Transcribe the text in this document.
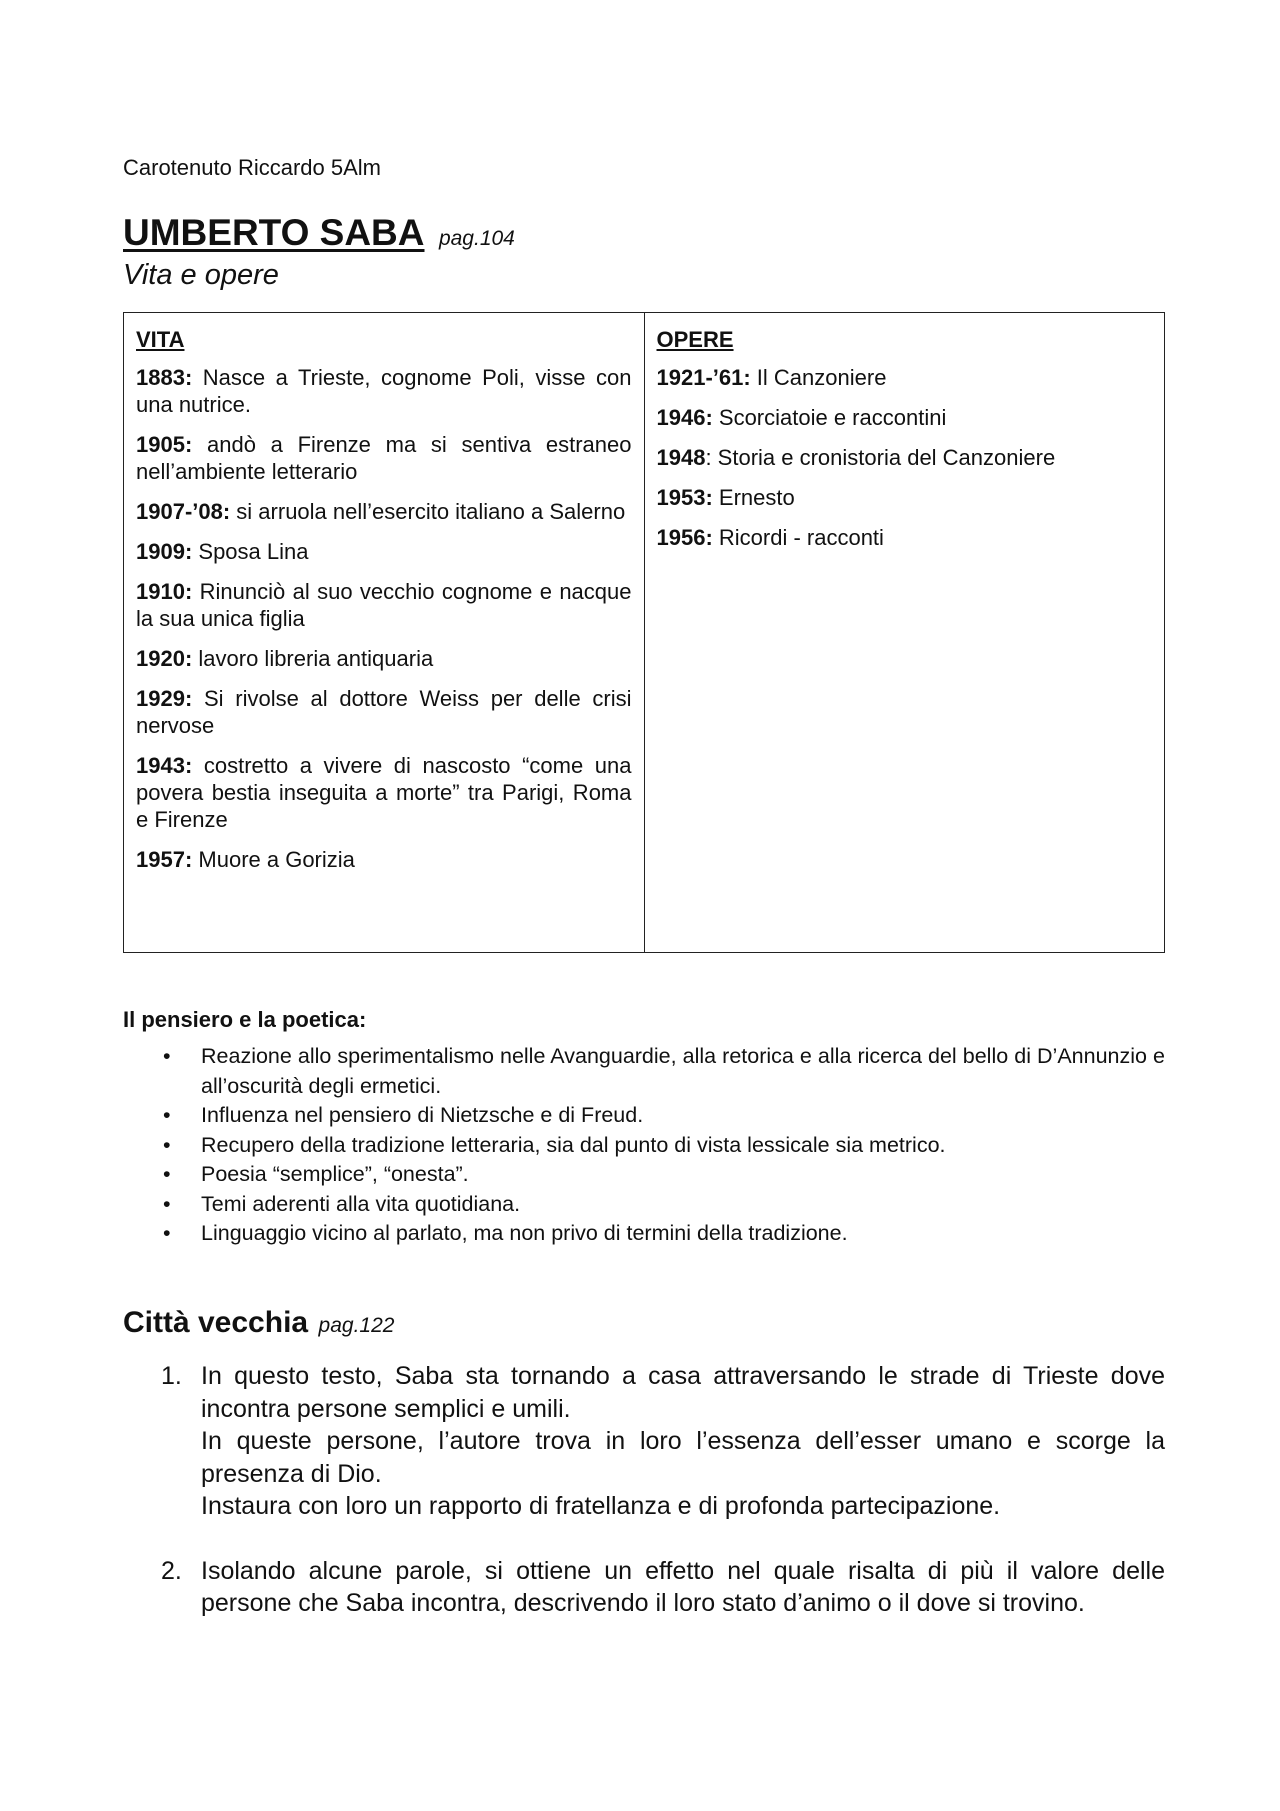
Carotenuto Riccardo 5Alm
UMBERTO SABA pag.104
Vita e opere
VITA

1883: Nasce a Trieste, cognome Poli, visse con una nutrice.

1905: andò a Firenze ma si sentiva estraneo nell’ambiente letterario

1907-’08: si arruola nell’esercito italiano a Salerno

1909: Sposa Lina

1910: Rinunciò al suo vecchio cognome e nacque la sua unica figlia

1920: lavoro libreria antiquaria

1929: Si rivolse al dottore Weiss per delle crisi nervose

1943: costretto a vivere di nascosto “come una povera bestia inseguita a morte” tra Parigi, Roma e Firenze

1957: Muore a Gorizia

OPERE

1921-’61: Il Canzoniere

1946: Scorciatoie e raccontini

1948: Storia e cronistoria del Canzoniere

1953: Ernesto

1956: Ricordi - racconti

Il pensiero e la poetica:
• Reazione allo sperimentalismo nelle Avanguardie, alla retorica e alla ricerca del bello di D’Annunzio e all’oscurità degli ermetici.
• Influenza nel pensiero di Nietzsche e di Freud.
• Recupero della tradizione letteraria, sia dal punto di vista lessicale sia metrico.
• Poesia “semplice”, “onesta”.
• Temi aderenti alla vita quotidiana.
• Linguaggio vicino al parlato, ma non privo di termini della tradizione.
Città vecchia pag.122
1. In questo testo, Saba sta tornando a casa attraversando le strade di Trieste dove incontra persone semplici e umili.

In queste persone, l’autore trova in loro l’essenza dell’esser umano e scorge la presenza di Dio.

Instaura con loro un rapporto di fratellanza e di profonda partecipazione.

2. Isolando alcune parole, si ottiene un effetto nel quale risalta di più il valore delle persone che Saba incontra, descrivendo il loro stato d’animo o il dove si trovino.
